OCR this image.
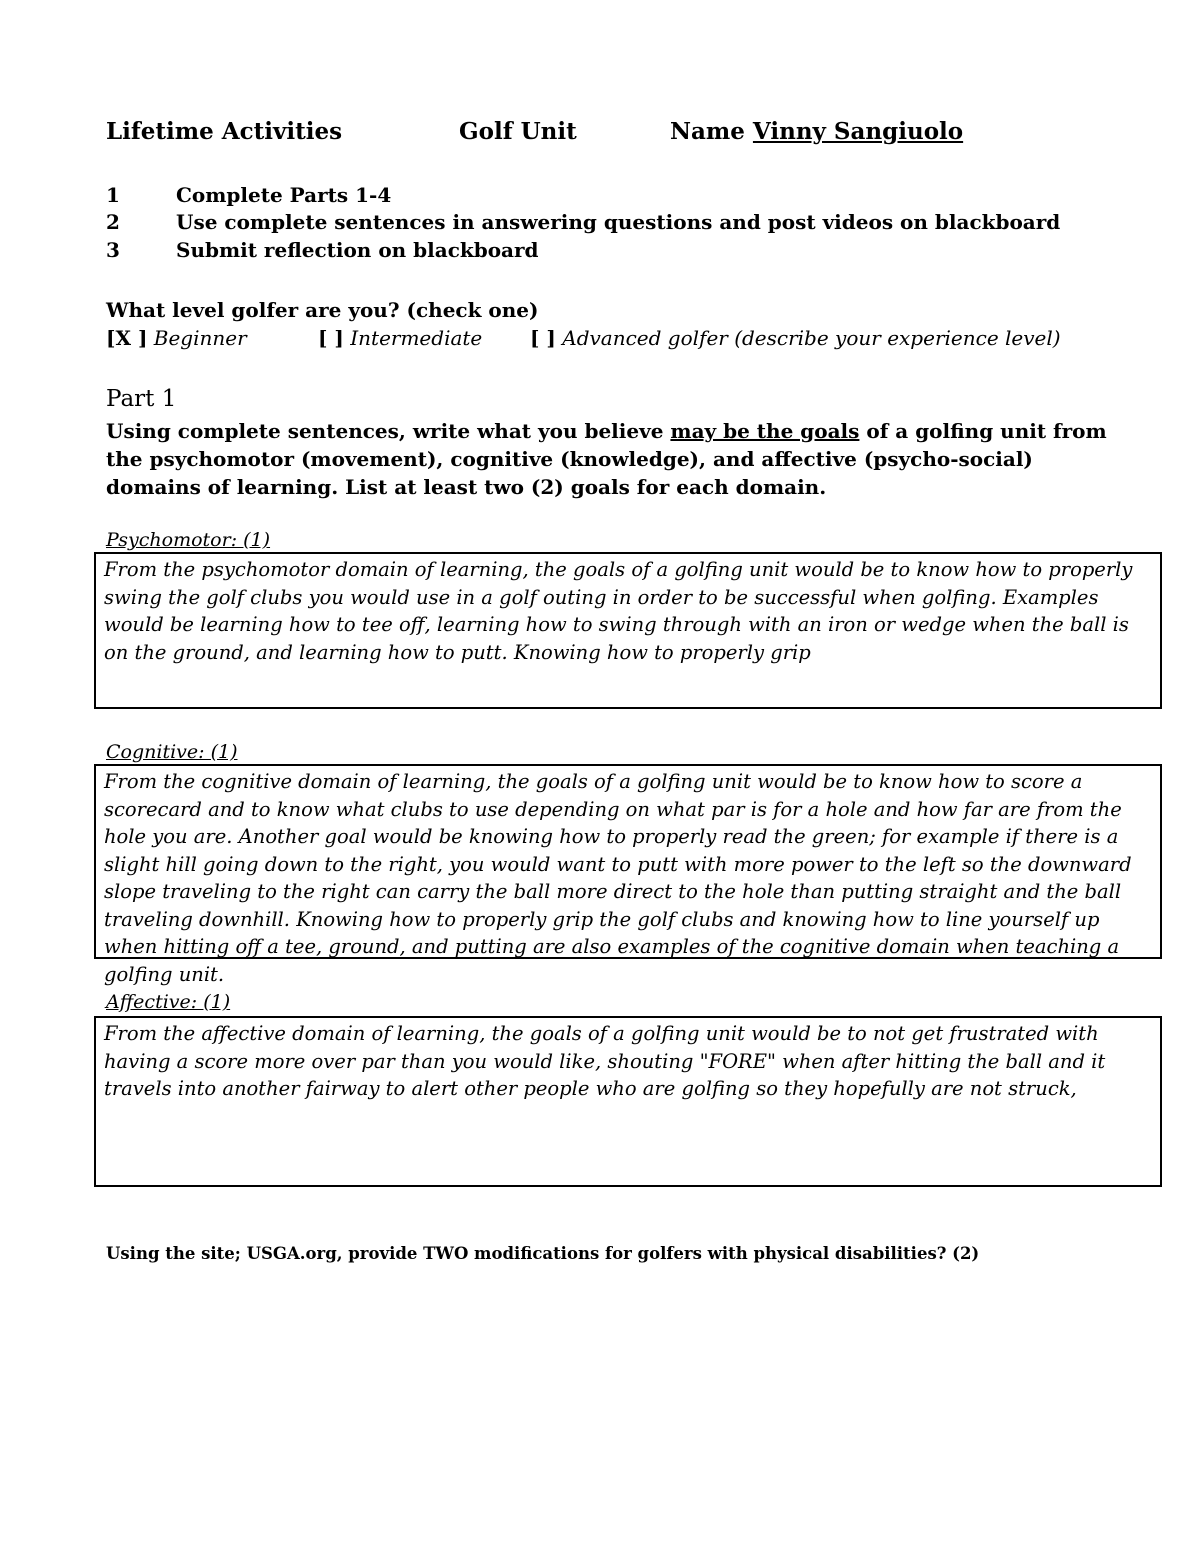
Lifetime Activities	Golf Unit	Name Vinny Sangiuolo
1	Complete Parts 1-4
2	Use complete sentences in answering questions and post videos on blackboard
3	Submit reflection on blackboard
What level golfer are you? (check one)
[X ] Beginner	[ ] Intermediate [ ] Advanced golfer (describe your experience level)
Part 1
Using complete sentences, write what you believe may be the goals of a golfing unit from the psychomotor (movement), cognitive (knowledge), and affective (psycho-social) domains of learning. List at least two (2) goals for each domain.
Psychomotor: (1)
From the psychomotor domain of learning, the goals of a golfing unit would be to know how to properly swing the golf clubs you would use in a golf outing in order to be successful when golfing. Examples would be learning how to tee off, learning how to swing through with an iron or wedge when the ball is on the ground, and learning how to putt. Knowing how to properly grip
Cognitive: (1)
From the cognitive domain of learning, the goals of a golfing unit would be to know how to score a scorecard and to know what clubs to use depending on what par is for a hole and how far are from the hole you are. Another goal would be knowing how to properly read the green; for example if there is a slight hill going down to the right, you would want to putt with more power to the left so the downward slope traveling to the right can carry the ball more direct to the hole than putting straight and the ball traveling downhill. Knowing how to properly grip the golf clubs and knowing how to line yourself up when hitting off a tee, ground, and putting are also examples of the cognitive domain when teaching a golfing unit.
Affective: (1)
From the affective domain of learning, the goals of a golfing unit would be to not get frustrated with having a score more over par than you would like, shouting "FORE" when after hitting the ball and it travels into another fairway to alert other people who are golfing so they hopefully are not struck,
Using the site; USGA.org, provide TWO modifications for golfers with physical disabilities? (2)
